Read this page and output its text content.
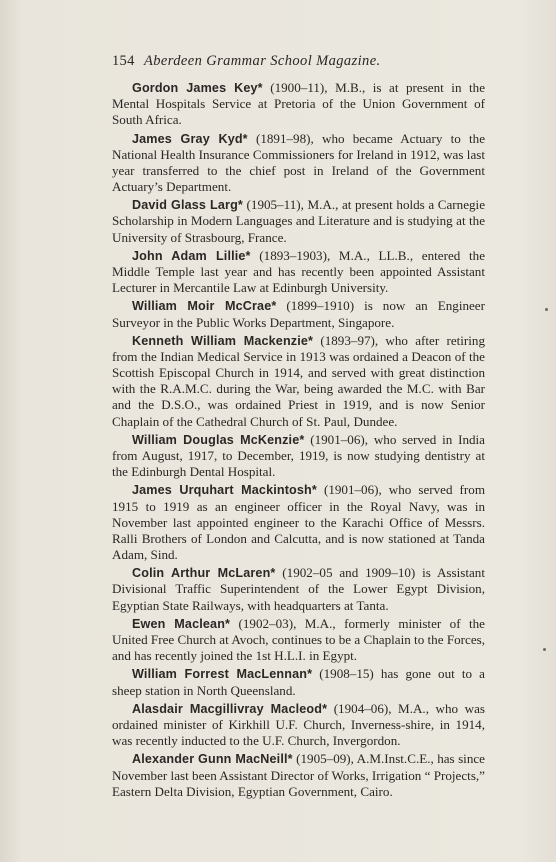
154 Aberdeen Grammar School Magazine.

Gordon James Key* (1900–11), M.B., is at present in the Mental Hospitals Service at Pretoria of the Union Government of South Africa.

James Gray Kyd* (1891–98), who became Actuary to the National Health Insurance Commissioners for Ireland in 1912, was last year transferred to the chief post in Ireland of the Government Actuary’s Department.

David Glass Larg* (1905–11), M.A., at present holds a Carnegie Scholarship in Modern Languages and Literature and is studying at the University of Strasbourg, France.

John Adam Lillie* (1893–1903), M.A., LL.B., entered the Middle Temple last year and has recently been appointed Assistant Lecturer in Mercantile Law at Edinburgh University.

William Moir McCrae* (1899–1910) is now an Engineer Surveyor in the Public Works Department, Singapore.

Kenneth William Mackenzie* (1893–97), who after retiring from the Indian Medical Service in 1913 was ordained a Deacon of the Scottish Episcopal Church in 1914, and served with great distinction with the R.A.M.C. during the War, being awarded the M.C. with Bar and the D.S.O., was ordained Priest in 1919, and is now Senior Chaplain of the Cathedral Church of St. Paul, Dundee.

William Douglas McKenzie* (1901–06), who served in India from August, 1917, to December, 1919, is now studying dentistry at the Edinburgh Dental Hospital.

James Urquhart Mackintosh* (1901–06), who served from 1915 to 1919 as an engineer officer in the Royal Navy, was in November last appointed engineer to the Karachi Office of Messrs. Ralli Brothers of London and Calcutta, and is now stationed at Tanda Adam, Sind.

Colin Arthur McLaren* (1902–05 and 1909–10) is Assistant Divisional Traffic Superintendent of the Lower Egypt Division, Egyptian State Railways, with headquarters at Tanta.

Ewen Maclean* (1902–03), M.A., formerly minister of the United Free Church at Avoch, continues to be a Chaplain to the Forces, and has recently joined the 1st H.L.I. in Egypt.

William Forrest MacLennan* (1908–15) has gone out to a sheep station in North Queensland.

Alasdair Macgillivray Macleod* (1904–06), M.A., who was ordained minister of Kirkhill U.F. Church, Inverness-shire, in 1914, was recently inducted to the U.F. Church, Invergordon.

Alexander Gunn MacNeill* (1905–09), A.M.Inst.C.E., has since November last been Assistant Director of Works, Irrigation “ Projects,” Eastern Delta Division, Egyptian Government, Cairo.
